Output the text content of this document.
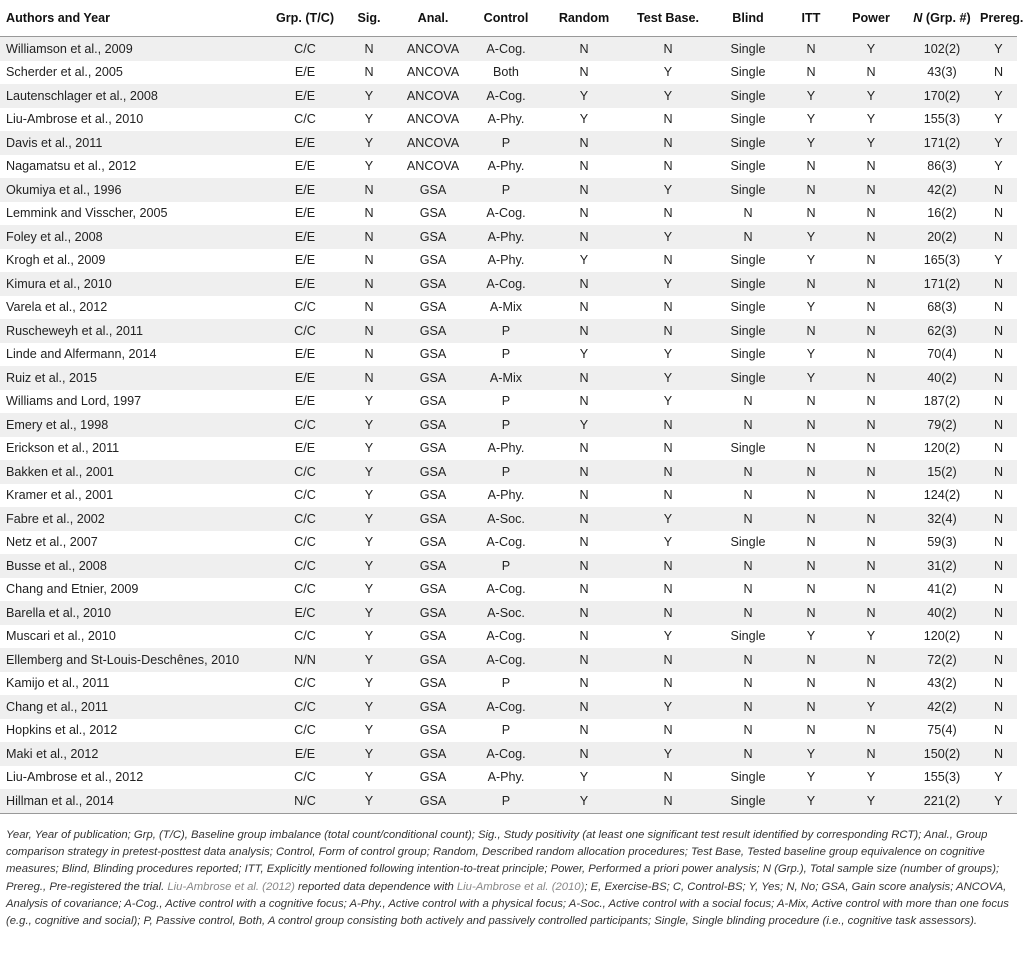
Authors and Year	Grp. (T/C)	Sig.	Anal.	Control	Random	Test Base.	Blind	ITT	Power	N (Grp. #)	Prereg.
Williamson et al., 2009	C/C	N	ANCOVA	A-Cog.	N	N	Single	N	Y	102(2)	Y
Scherder et al., 2005	E/E	N	ANCOVA	Both	N	Y	Single	N	N	43(3)	N
Lautenschlager et al., 2008	E/E	Y	ANCOVA	A-Cog.	Y	Y	Single	Y	Y	170(2)	Y
Liu-Ambrose et al., 2010	C/C	Y	ANCOVA	A-Phy.	Y	N	Single	Y	Y	155(3)	Y
Davis et al., 2011	E/E	Y	ANCOVA	P	N	N	Single	Y	Y	171(2)	Y
Nagamatsu et al., 2012	E/E	Y	ANCOVA	A-Phy.	N	N	Single	N	N	86(3)	Y
Okumiya et al., 1996	E/E	N	GSA	P	N	Y	Single	N	N	42(2)	N
Lemmink and Visscher, 2005	E/E	N	GSA	A-Cog.	N	N	N	N	N	16(2)	N
Foley et al., 2008	E/E	N	GSA	A-Phy.	N	Y	N	Y	N	20(2)	N
Krogh et al., 2009	E/E	N	GSA	A-Phy.	Y	N	Single	Y	N	165(3)	Y
Kimura et al., 2010	E/E	N	GSA	A-Cog.	N	Y	Single	N	N	171(2)	N
Varela et al., 2012	C/C	N	GSA	A-Mix	N	N	Single	Y	N	68(3)	N
Ruscheweyh et al., 2011	C/C	N	GSA	P	N	N	Single	N	N	62(3)	N
Linde and Alfermann, 2014	E/E	N	GSA	P	Y	Y	Single	Y	N	70(4)	N
Ruiz et al., 2015	E/E	N	GSA	A-Mix	N	Y	Single	Y	N	40(2)	N
Williams and Lord, 1997	E/E	Y	GSA	P	N	Y	N	N	N	187(2)	N
Emery et al., 1998	C/C	Y	GSA	P	Y	N	N	N	N	79(2)	N
Erickson et al., 2011	E/E	Y	GSA	A-Phy.	N	N	Single	N	N	120(2)	N
Bakken et al., 2001	C/C	Y	GSA	P	N	N	N	N	N	15(2)	N
Kramer et al., 2001	C/C	Y	GSA	A-Phy.	N	N	N	N	N	124(2)	N
Fabre et al., 2002	C/C	Y	GSA	A-Soc.	N	Y	N	N	N	32(4)	N
Netz et al., 2007	C/C	Y	GSA	A-Cog.	N	Y	Single	N	N	59(3)	N
Busse et al., 2008	C/C	Y	GSA	P	N	N	N	N	N	31(2)	N
Chang and Etnier, 2009	C/C	Y	GSA	A-Cog.	N	N	N	N	N	41(2)	N
Barella et al., 2010	E/C	Y	GSA	A-Soc.	N	N	N	N	N	40(2)	N
Muscari et al., 2010	C/C	Y	GSA	A-Cog.	N	Y	Single	Y	Y	120(2)	N
Ellemberg and St-Louis-Deschênes, 2010	N/N	Y	GSA	A-Cog.	N	N	N	N	N	72(2)	N
Kamijo et al., 2011	C/C	Y	GSA	P	N	N	N	N	N	43(2)	N
Chang et al., 2011	C/C	Y	GSA	A-Cog.	N	Y	N	N	Y	42(2)	N
Hopkins et al., 2012	C/C	Y	GSA	P	N	N	N	N	N	75(4)	N
Maki et al., 2012	E/E	Y	GSA	A-Cog.	N	Y	N	Y	N	150(2)	N
Liu-Ambrose et al., 2012	C/C	Y	GSA	A-Phy.	Y	N	Single	Y	Y	155(3)	Y
Hillman et al., 2014	N/C	Y	GSA	P	Y	N	Single	Y	Y	221(2)	Y
Year, Year of publication; Grp, (T/C), Baseline group imbalance (total count/conditional count); Sig., Study positivity (at least one significant test result identified by corresponding RCT); Anal., Group comparison strategy in pretest-posttest data analysis; Control, Form of control group; Random, Described random allocation procedures; Test Base, Tested baseline group equivalence on cognitive measures; Blind, Blinding procedures reported; ITT, Explicitly mentioned following intention-to-treat principle; Power, Performed a priori power analysis; N (Grp.), Total sample size (number of groups); Prereg., Pre-registered the trial. Liu-Ambrose et al. (2012) reported data dependence with Liu-Ambrose et al. (2010); E, Exercise-BS; C, Control-BS; Y, Yes; N, No; GSA, Gain score analysis; ANCOVA, Analysis of covariance; A-Cog., Active control with a cognitive focus; A-Phy., Active control with a physical focus; A-Soc., Active control with a social focus; A-Mix, Active control with more than one focus (e.g., cognitive and social); P, Passive control, Both, A control group consisting both actively and passively controlled participants; Single, Single blinding procedure (i.e., cognitive task assessors).
